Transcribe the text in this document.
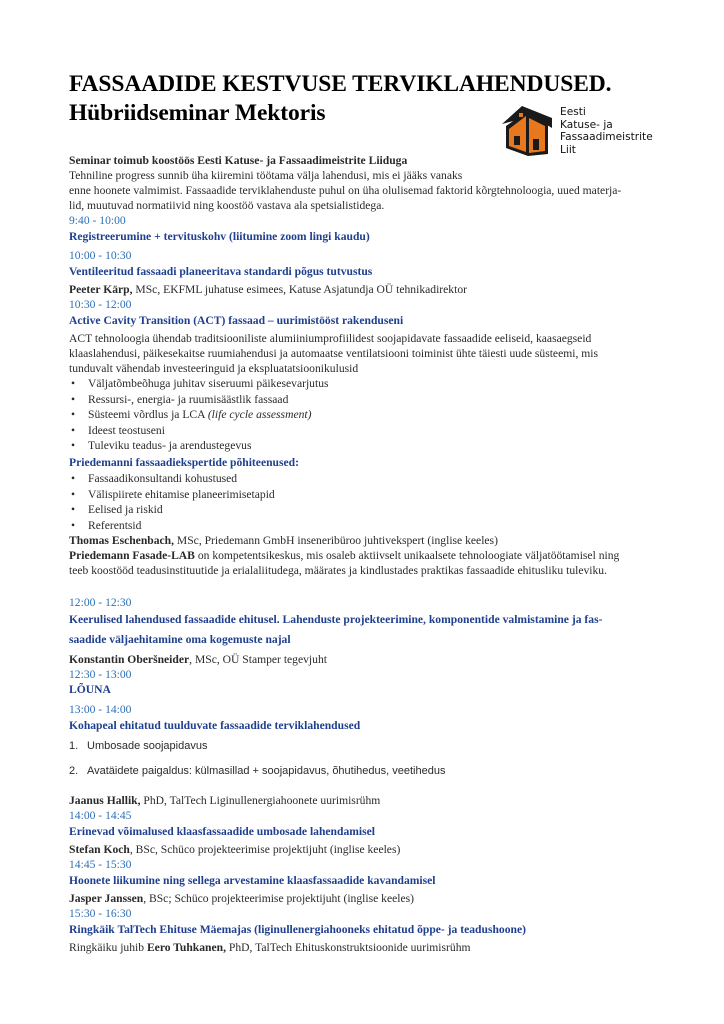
Eesti
Katuse- ja
Fassaadimeistrite
Liit
FASSAADIDE KESTVUSE TERVIKLAHENDUSED.
Hübriidseminar Mektoris
Seminar toimub koostöös Eesti Katuse- ja Fassaadimeistrite Liiduga
Tehniline progress sunnib üha kiiremini töötama välja lahendusi, mis ei jääks vanaks
enne hoonete valmimist. Fassaadide terviklahenduste puhul on üha olulisemad faktorid kõrgtehnoloogia, uued materja-
lid, muutuvad normatiivid ning koostöö vastava ala spetsialistidega.
9:40 - 10:00
Registreerumine + tervituskohv (liitumine zoom lingi kaudu)
10:00 - 10:30
Ventileeritud fassaadi planeeritava standardi põgus tutvustus
Peeter Kärp, MSc, EKFML juhatuse esimees, Katuse Asjatundja OÜ tehnikadirektor
10:30 - 12:00
Active Cavity Transition (ACT) fassaad – uurimistööst rakenduseni
ACT tehnoloogia ühendab traditsiooniliste alumiiniumprofiilidest soojapidavate fassaadide eeliseid, kaasaegseid
klaaslahendusi, päikesekaitse ruumiahendusi ja automaatse ventilatsiooni toiminist ühte täiesti uude süsteemi, mis
tunduvalt vähendab investeeringuid ja ekspluatatsioonikulusid
• Väljatõmbeõhuga juhitav siseruumi päikesevarjutus
• Ressursi-, energia- ja ruumisäästlik fassaad
• Süsteemi võrdlus ja LCA (life cycle assessment)
• Ideest teostuseni
• Tuleviku teadus- ja arendustegevus
Priedemanni fassaadiekspertide põhiteenused:
• Fassaadikonsultandi kohustused
• Välispiirete ehitamise planeerimisetapid
• Eelised ja riskid
• Referentsid
Thomas Eschenbach, MSc, Priedemann GmbH inseneribüroo juhtivekspert (inglise keeles)
Priedemann Fasade-LAB on kompetentsikeskus, mis osaleb aktiivselt unikaalsete tehnoloogiate väljatöötamisel ning
teeb koostööd teadusinstituutide ja erialaliitudega, määrates ja kindlustades praktikas fassaadide ehitusliku tuleviku.
12:00 - 12:30
Keerulised lahendused fassaadide ehitusel. Lahenduste projekteerimine, komponentide valmistamine ja fas-
saadide väljaehitamine oma kogemuste najal
Konstantin Oberšneider, MSc, OÜ Stamper tegevjuht
12:30 - 13:00
LÕUNA
13:00 - 14:00
Kohapeal ehitatud tuulduvate fassaadide terviklahendused
1. Umbosade soojapidavus
2. Avatäidete paigaldus: külmasillad + soojapidavus, õhutihedus, veetihedus
Jaanus Hallik, PhD, TalTech Liginullenergiahoonete uurimisrühm
14:00 - 14:45
Erinevad võimalused klaasfassaadide umbosade lahendamisel
Stefan Koch, BSc, Schüco projekteerimise projektijuht (inglise keeles)
14:45 - 15:30
Hoonete liikumine ning sellega arvestamine klaasfassaadide kavandamisel
Jasper Janssen, BSc; Schüco projekteerimise projektijuht (inglise keeles)
15:30 - 16:30
Ringkäik TalTech Ehituse Mäemajas (liginullenergiahooneks ehitatud õppe- ja teadushoone)
Ringkäiku juhib Eero Tuhkanen, PhD, TalTech Ehituskonstruktsioonide uurimisrühm
